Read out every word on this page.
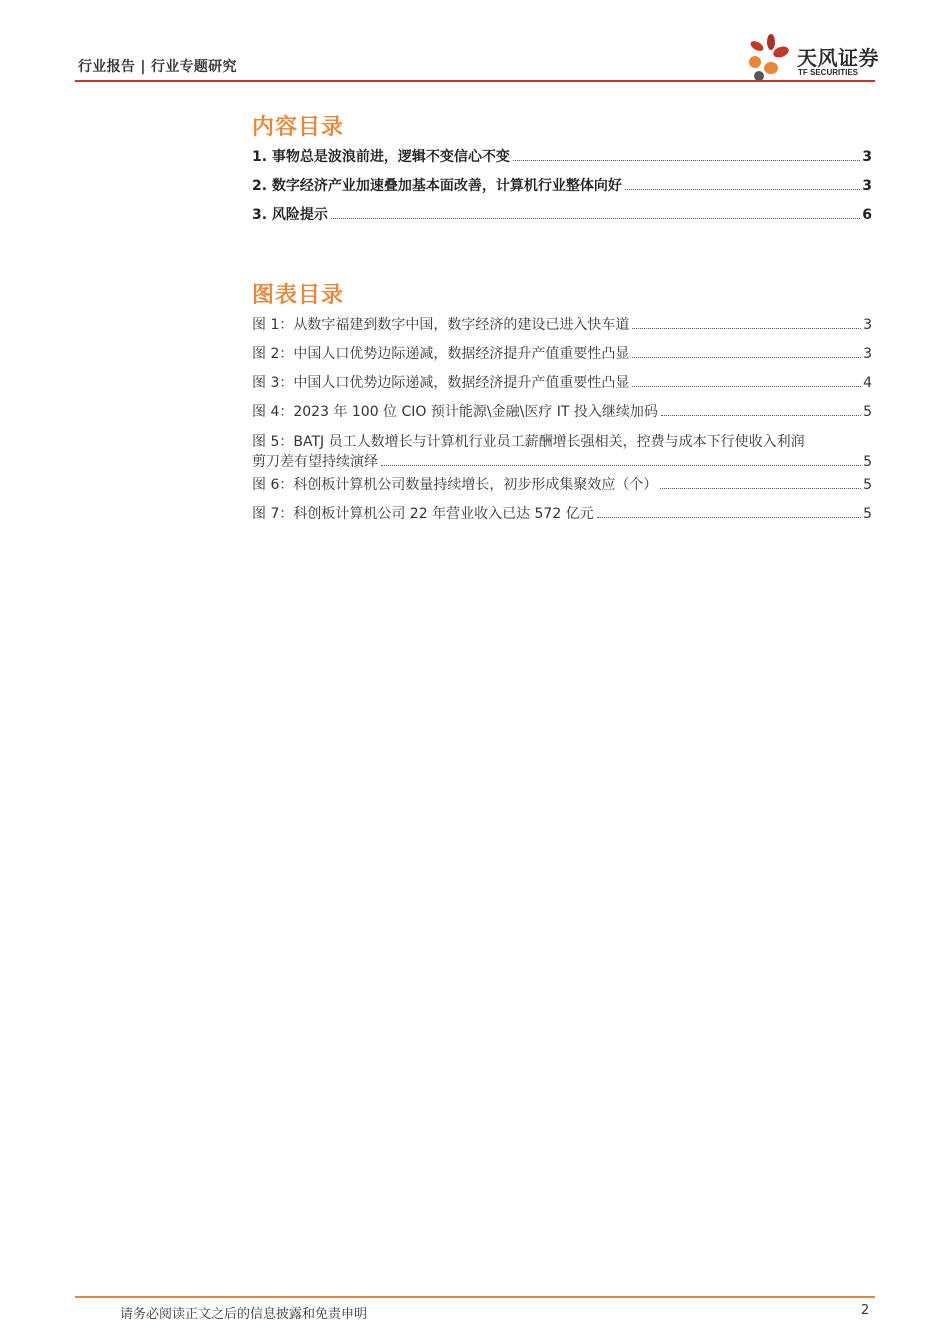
行业报告 | 行业专题研究	天风证券
TF SECURITIES
内容目录
1. 事物总是波浪前进，逻辑不变信心不变	3
2. 数字经济产业加速叠加基本面改善，计算机行业整体向好	3
3. 风险提示	6
图表目录
图 1：从数字福建到数字中国，数字经济的建设已进入快车道	3
图 2：中国人口优势边际递减，数据经济提升产值重要性凸显	3
图 3：中国人口优势边际递减，数据经济提升产值重要性凸显	4
图 4：2023 年 100 位 CIO 预计能源\金融\医疗 IT 投入继续加码	5
图 5：BATJ 员工人数增长与计算机行业员工薪酬增长强相关，控费与成本下行使收入利润
剪刀差有望持续演绎	5
图 6：科创板计算机公司数量持续增长，初步形成集聚效应（个）	5
图 7：科创板计算机公司 22 年营业收入已达 572 亿元	5
请务必阅读正文之后的信息披露和免责申明	2
